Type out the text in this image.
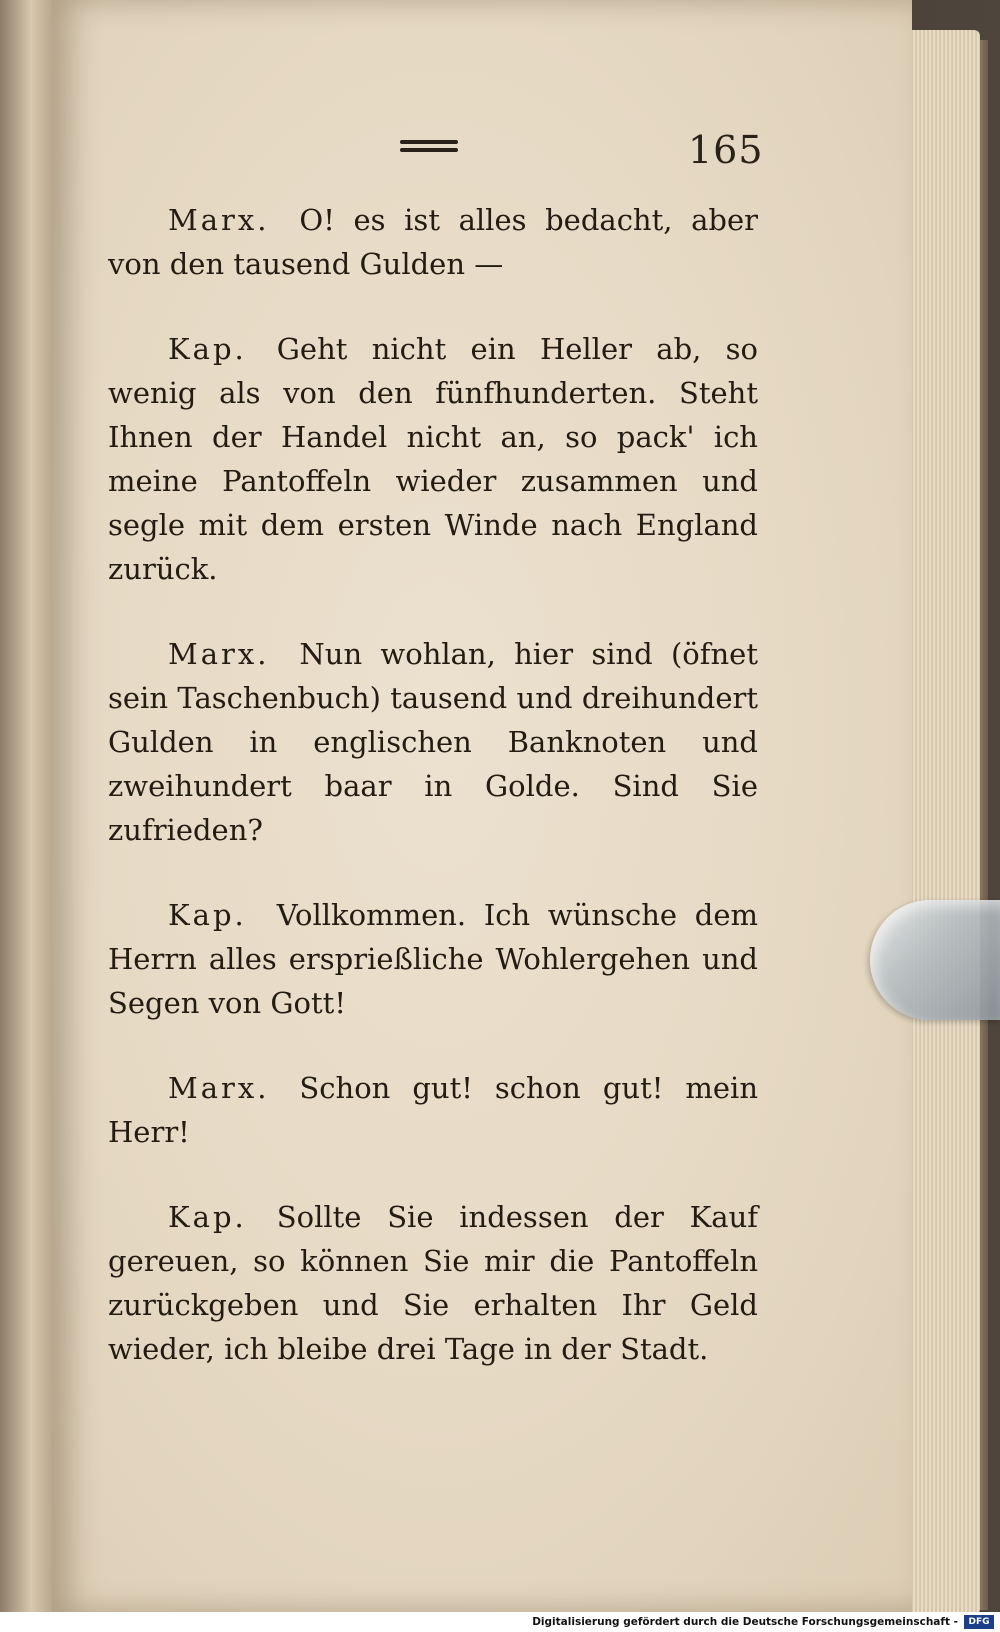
165

Marx. O! es ist alles bedacht, aber von den tausend Gulden —

Kap. Geht nicht ein Heller ab, so wenig als von den fünfhunderten. Steht Ihnen der Handel nicht an, so pack' ich meine Pantoffeln wieder zusammen und segle mit dem ersten Winde nach England zurück.

Marx. Nun wohlan, hier sind (öfnet sein Taschenbuch) tausend und dreihundert Gulden in englischen Banknoten und zweihundert baar in Golde. Sind Sie zufrieden?

Kap. Vollkommen. Ich wünsche dem Herrn alles ersprießliche Wohlergehen und Segen von Gott!

Marx. Schon gut! schon gut! mein Herr!

Kap. Sollte Sie indessen der Kauf gereuen, so können Sie mir die Pantoffeln zurückgeben und Sie erhalten Ihr Geld wieder, ich bleibe drei Tage in der Stadt.

Digitalisierung gefördert durch die Deutsche Forschungsgemeinschaft -	DFG
